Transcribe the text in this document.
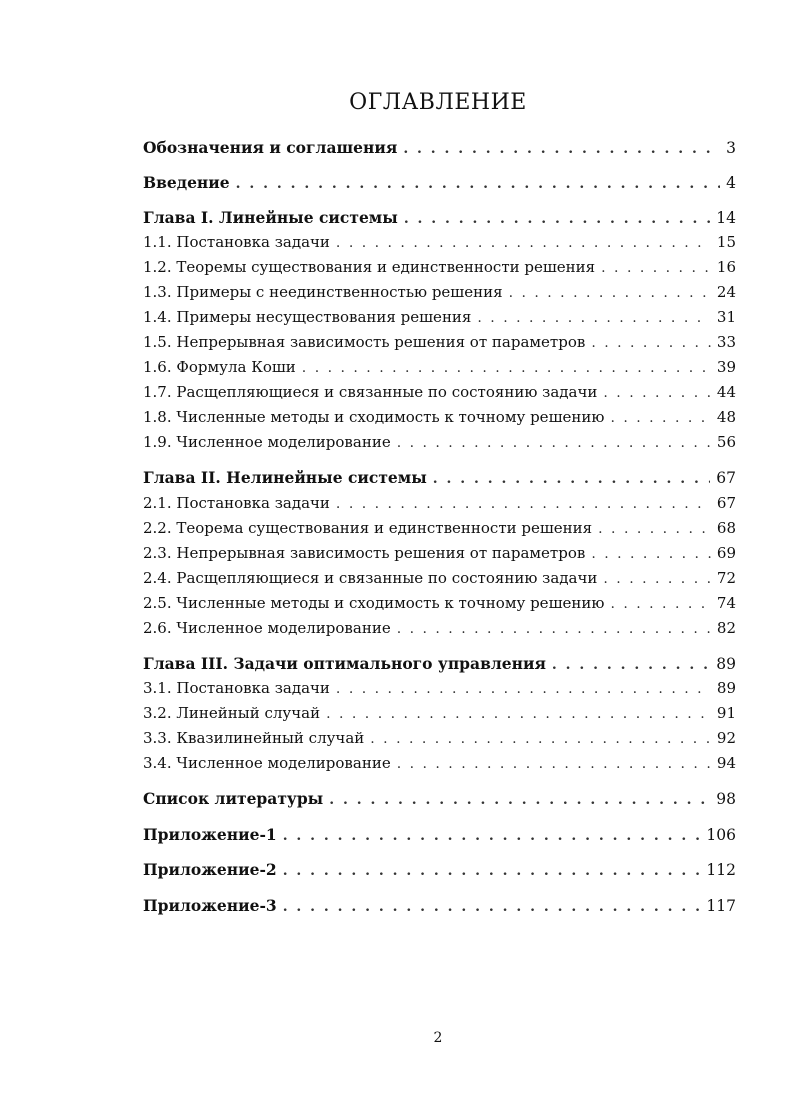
ОГЛАВЛЕНИЕ
Обозначения и соглашения . . .	3
Введение . . .	4
Глава I. Линейные системы . . .	14
1.1. Постановка задачи . . .	15
1.2. Теоремы существования и единственности решения . . .	16
1.3. Примеры с неединственностью решения . . .	24
1.4. Примеры несуществования решения . . .	31
1.5. Непрерывная зависимость решения от параметров . . .	33
1.6. Формула Коши . . .	39
1.7. Расщепляющиеся и связанные по состоянию задачи . . .	44
1.8. Численные методы и сходимость к точному решению . . .	48
1.9. Численное моделирование . . .	56
Глава II. Нелинейные системы . . .	67
2.1. Постановка задачи . . .	67
2.2. Теорема существования и единственности решения . . .	68
2.3. Непрерывная зависимость решения от параметров . . .	69
2.4. Расщепляющиеся и связанные по состоянию задачи . . .	72
2.5. Численные методы и сходимость к точному решению . . .	74
2.6. Численное моделирование . . .	82
Глава III. Задачи оптимального управления . . .	89
3.1. Постановка задачи . . .	89
3.2. Линейный случай . . .	91
3.3. Квазилинейный случай . . .	92
3.4. Численное моделирование . . .	94
Список литературы . . .	98
Приложение-1 . . .	106
Приложение-2 . . .	112
Приложение-3 . . .	117
2
